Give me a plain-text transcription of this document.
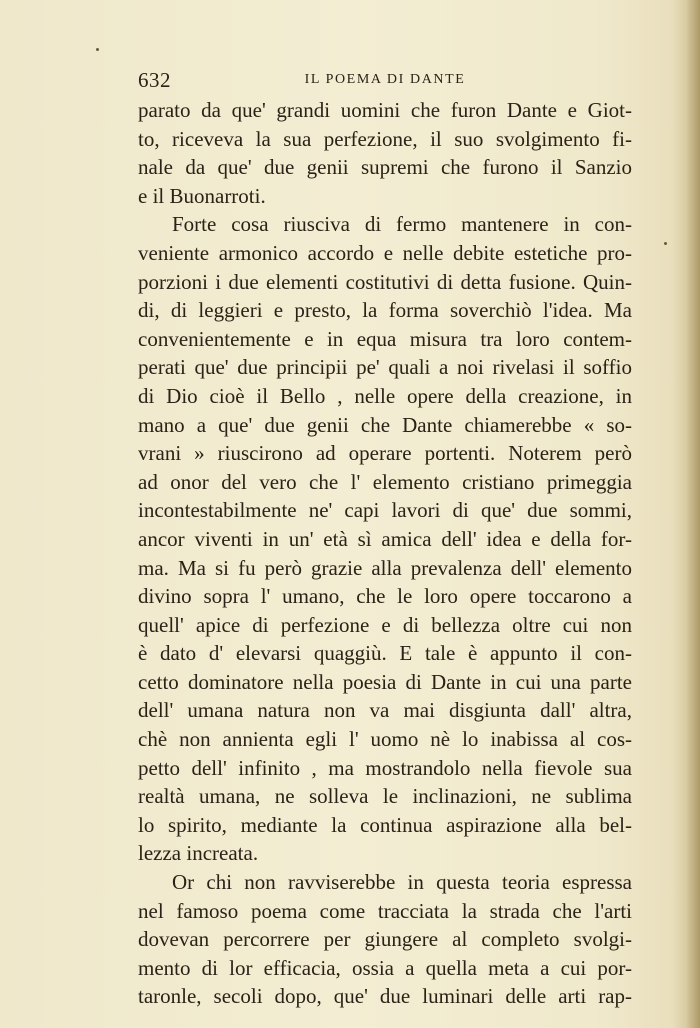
632	IL POEMA DI DANTE
parato da que' grandi uomini che furon Dante e Giot-
to, riceveva la sua perfezione, il suo svolgimento fi-
nale da que' due genii supremi che furono il Sanzio
e il Buonarroti.
Forte cosa riusciva di fermo mantenere in con-
veniente armonico accordo e nelle debite estetiche pro-
porzioni i due elementi costitutivi di detta fusione. Quin-
di, di leggieri e presto, la forma soverchiò l'idea. Ma
convenientemente e in equa misura tra loro contem-
perati que' due principii pe' quali a noi rivelasi il soffio
di Dio cioè il Bello , nelle opere della creazione, in
mano a que' due genii che Dante chiamerebbe « so-
vrani » riuscirono ad operare portenti. Noterem però
ad onor del vero che l' elemento cristiano primeggia
incontestabilmente ne' capi lavori di que' due sommi,
ancor viventi in un' età sì amica dell' idea e della for-
ma. Ma si fu però grazie alla prevalenza dell' elemento
divino sopra l' umano, che le loro opere toccarono a
quell' apice di perfezione e di bellezza oltre cui non
è dato d' elevarsi quaggiù. E tale è appunto il con-
cetto dominatore nella poesia di Dante in cui una parte
dell' umana natura non va mai disgiunta dall' altra,
chè non annienta egli l' uomo nè lo inabissa al cos-
petto dell' infinito , ma mostrandolo nella fievole sua
realtà umana, ne solleva le inclinazioni, ne sublima
lo spirito, mediante la continua aspirazione alla bel-
lezza increata.
Or chi non ravviserebbe in questa teoria espressa
nel famoso poema come tracciata la strada che l'arti
dovevan percorrere per giungere al completo svolgi-
mento di lor efficacia, ossia a quella meta a cui por-
taronle, secoli dopo, que' due luminari delle arti rap-
